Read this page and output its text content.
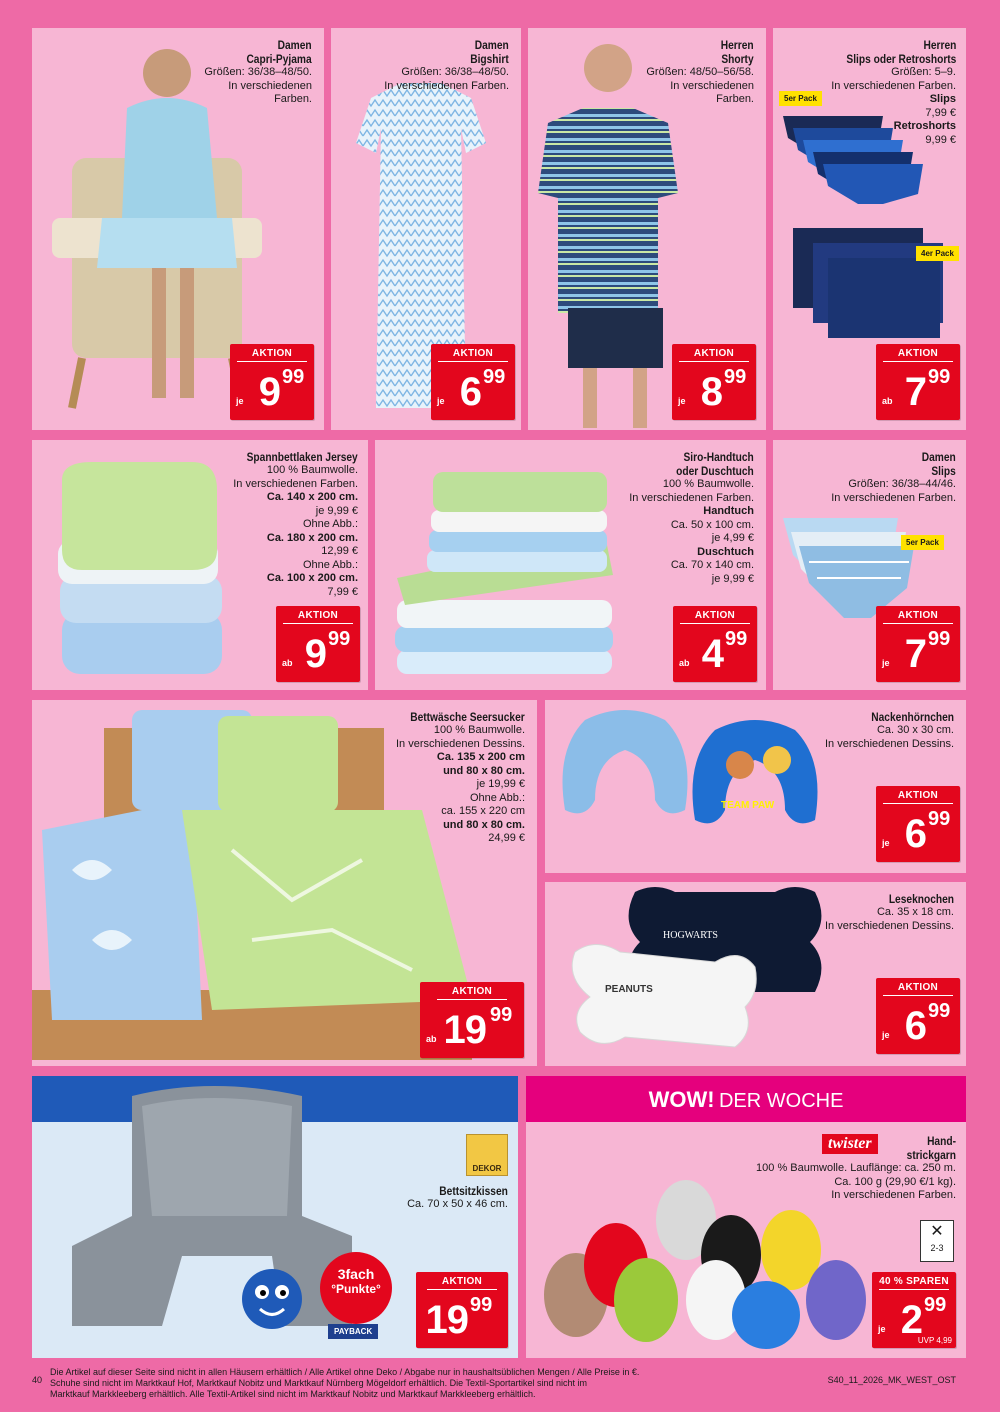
Damen
Capri-Pyjama
Größen: 36/38–48/50.
In verschiedenen
Farben.
AKTION
je 9 99
Damen
Bigshirt
Größen: 36/38–48/50.
In verschiedenen Farben.
AKTION
je 6 99
Herren
Shorty
Größen: 48/50–56/58.
In verschiedenen
Farben.
AKTION
je 8 99
5er Pack
4er Pack
Herren
Slips oder Retroshorts
Größen: 5–9.
In verschiedenen Farben.
Slips
7,99 €
Retroshorts
9,99 €
AKTION
ab 7 99
Spannbettlaken Jersey
100 % Baumwolle.
In verschiedenen Farben.
Ca. 140 x 200 cm.
je 9,99 €
Ohne Abb.:
Ca. 180 x 200 cm.
12,99 €
Ohne Abb.:
Ca. 100 x 200 cm.
7,99 €
AKTION
ab 9 99
Siro-Handtuch
oder Duschtuch
100 % Baumwolle.
In verschiedenen Farben.
Handtuch
Ca. 50 x 100 cm.
je 4,99 €
Duschtuch
Ca. 70 x 140 cm.
je 9,99 €
AKTION
ab 4 99
5er Pack
Damen
Slips
Größen: 36/38–44/46.
In verschiedenen Farben.
AKTION
je 7 99
Bettwäsche Seersucker
100 % Baumwolle.
In verschiedenen Dessins.
Ca. 135 x 200 cm
und 80 x 80 cm.
je 19,99 €
Ohne Abb.:
ca. 155 x 220 cm
und 80 x 80 cm.
24,99 €
AKTION
ab 19 99
TEAM PAW
Nackenhörnchen
Ca. 30 x 30 cm.
In verschiedenen Dessins.
AKTION
je 6 99
HOGWARTS
PEANUTS
Leseknochen
Ca. 35 x 18 cm.
In verschiedenen Dessins.
AKTION
je 6 99
DEKOR
Bettsitzkissen
Ca. 70 x 50 x 46 cm.
3fach
°Punkte°
PAYBACK
AKTION
19 99
WOW! DER WOCHE
twister	Hand-
strickgarn
100 % Baumwolle. Lauflänge: ca. 250 m.
Ca. 100 g (29,90 €/1 kg).
In verschiedenen Farben.
✕
2-3
40 % SPAREN
je 2 99
UVP 4,99
40
Die Artikel auf dieser Seite sind nicht in allen Häusern erhältlich / Alle Artikel ohne Deko / Abgabe nur in haushaltsüblichen Mengen / Alle Preise in €.
Schuhe sind nicht im Marktkauf Hof, Marktkauf Nobitz und Marktkauf Nürnberg Mögeldorf erhältlich. Die Textil-Sportartikel sind nicht im
Marktkauf Markkleeberg erhältlich. Alle Textil-Artikel sind nicht im Marktkauf Nobitz und Marktkauf Markkleeberg erhältlich.
S40_11_2026_MK_WEST_OST
